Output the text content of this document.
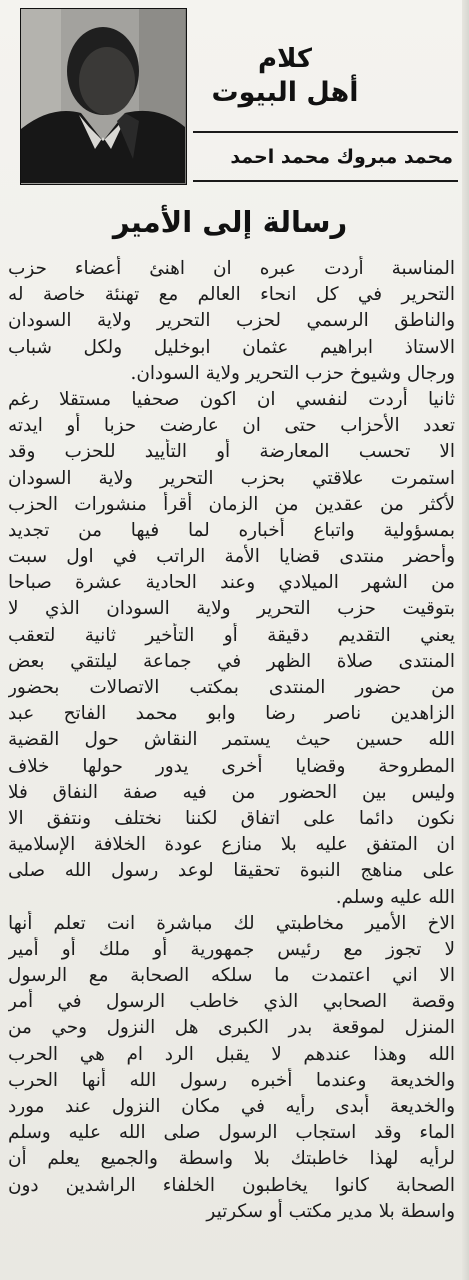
كلام
أهل البيوت
محمد مبروك محمد احمد
رسالة إلى الأمير
المناسبة أردت عبره ان اهنئ أعضاء حزب
التحرير في كل انحاء العالم مع تهنئة خاصة له
والناطق الرسمي لحزب التحرير ولاية السودان
الاستاذ ابراهيم عثمان ابوخليل ولكل شباب
ورجال وشيوخ حزب التحرير ولاية السودان.
ثانيا أردت لنفسي ان اكون صحفيا مستقلا رغم
تعدد الأحزاب حتى ان عارضت حزبا أو ايدته
الا تحسب المعارضة أو التأييد للحزب وقد
استمرت علاقتي بحزب التحرير ولاية السودان
لأكثر من عقدين من الزمان أقرأ منشورات الحزب
بمسؤولية واتباع أخباره لما فيها من تجديد
وأحضر منتدى قضايا الأمة الراتب في اول سبت
من الشهر الميلادي وعند الحادية عشرة صباحا
بتوقيت حزب التحرير ولاية السودان الذي لا
يعني التقديم دقيقة أو التأخير ثانية لتعقب
المنتدى صلاة الظهر في جماعة ليلتقي بعض
من حضور المنتدى بمكتب الاتصالات بحضور
الزاهدين ناصر رضا وابو محمد الفاتح عبد
الله حسين حيث يستمر النقاش حول القضية
المطروحة وقضايا أخرى يدور حولها خلاف
وليس بين الحضور من فيه صفة النفاق فلا
نكون دائما على اتفاق لكننا نختلف ونتفق الا
ان المتفق عليه بلا منازع عودة الخلافة الإسلامية
على مناهج النبوة تحقيقا لوعد رسول الله صلى
الله عليه وسلم.
الاخ الأمير مخاطبتي لك مباشرة انت تعلم أنها
لا تجوز مع رئيس جمهورية أو ملك أو أمير
الا اني اعتمدت ما سلكه الصحابة مع الرسول
وقصة الصحابي الذي خاطب الرسول في أمر
المنزل لموقعة بدر الكبرى هل النزول وحي من
الله وهذا عندهم لا يقبل الرد ام هي الحرب
والخديعة وعندما أخبره رسول الله أنها الحرب
والخديعة أبدى رأيه في مكان النزول عند مورد
الماء وقد استجاب الرسول صلى الله عليه وسلم
لرأيه لهذا خاطبتك بلا واسطة والجميع يعلم أن
الصحابة كانوا يخاطبون الخلفاء الراشدين دون
واسطة بلا مدير مكتب أو سكرتير
